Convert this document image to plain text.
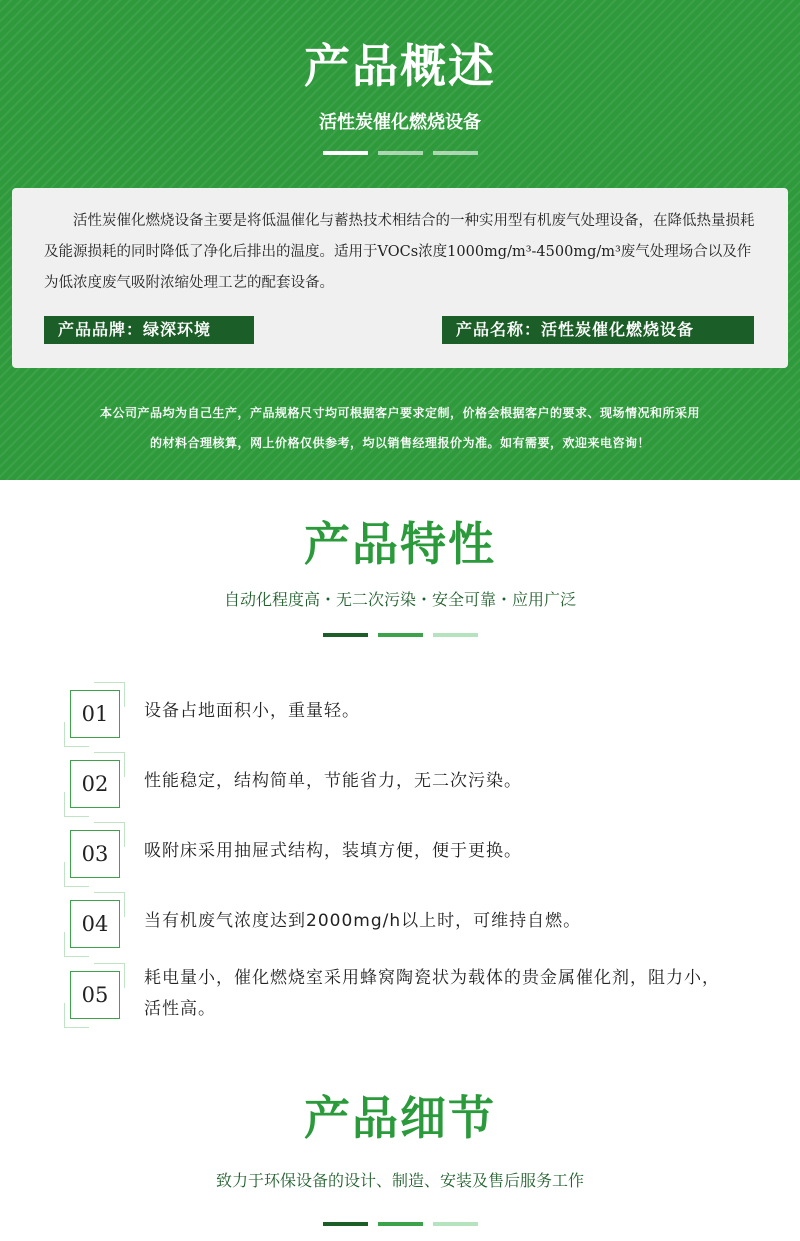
产品概述
活性炭催化燃烧设备
活性炭催化燃烧设备主要是将低温催化与蓄热技术相结合的一种实用型有机废气处理设备，在降低热量损耗及能源损耗的同时降低了净化后排出的温度。适用于VOCs浓度1000mg/m³-4500mg/m³废气处理场合以及作为低浓度废气吸附浓缩处理工艺的配套设备。
产品品牌：绿深环境	产品名称：活性炭催化燃烧设备
本公司产品均为自己生产，产品规格尺寸均可根据客户要求定制，价格会根据客户的要求、现场情况和所采用
的材料合理核算，网上价格仅供参考，均以销售经理报价为准。如有需要，欢迎来电咨询！
产品特性
自动化程度高・无二次污染・安全可靠・应用广泛
01	设备占地面积小，重量轻。
02	性能稳定，结构简单，节能省力，无二次污染。
03	吸附床采用抽屉式结构，装填方便，便于更换。
04	当有机废气浓度达到2000mg/h以上时，可维持自燃。
05
耗电量小，催化燃烧室采用蜂窝陶瓷状为载体的贵金属催化剂，阻力小，活性高。
产品细节
致力于环保设备的设计、制造、安装及售后服务工作
